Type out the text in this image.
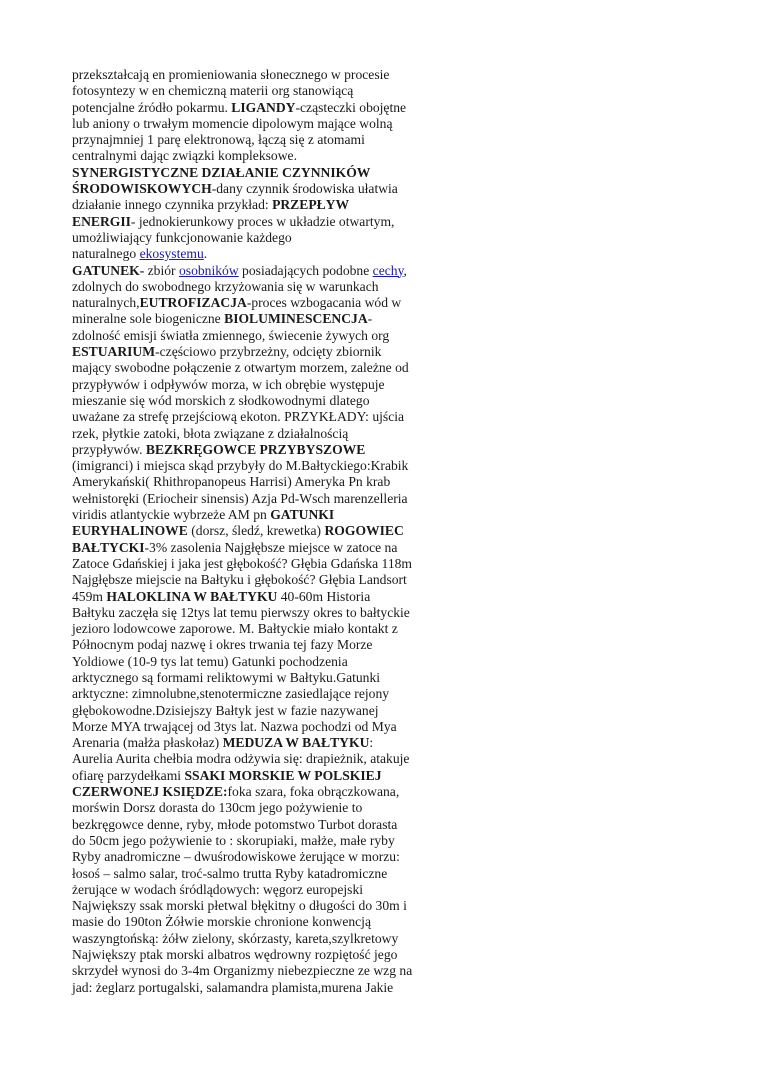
przekształcają en promieniowania słonecznego w procesie
fotosyntezy w en chemiczną materii org stanowiącą
potencjalne źródło pokarmu. LIGANDY-cząsteczki obojętne
lub aniony o trwałym momencie dipolowym mające wolną
przynajmniej 1 parę elektronową, łączą się z atomami
centralnymi dając związki kompleksowe.
SYNERGISTYCZNE DZIAŁANIE CZYNNIKÓW
ŚRODOWISKOWYCH-dany czynnik środowiska ułatwia
działanie innego czynnika przykład: PRZEPŁYW
ENERGII- jednokierunkowy proces w układzie otwartym,
umożliwiający funkcjonowanie każdego
naturalnego ekosystemu.
GATUNEK- zbiór osobników posiadających podobne cechy,
zdolnych do swobodnego krzyżowania się w warunkach
naturalnych,EUTROFIZACJA-proces wzbogacania wód w
mineralne sole biogeniczne BIOLUMINESCENCJA-
zdolność emisji światła zmiennego, świecenie żywych org
ESTUARIUM-częściowo przybrzeżny, odcięty zbiornik
mający swobodne połączenie z otwartym morzem, zależne od
przypływów i odpływów morza, w ich obrębie występuje
mieszanie się wód morskich z słodkowodnymi dlatego
uważane za strefę przejściową ekoton. PRZYKŁADY: ujścia
rzek, płytkie zatoki, błota związane z działalnością
przypływów. BEZKRĘGOWCE PRZYBYSZOWE
(imigranci) i miejsca skąd przybyły do M.Bałtyckiego:Krabik
Amerykański( Rhithropanopeus Harrisi) Ameryka Pn krab
wełnistoręki (Eriocheir sinensis) Azja Pd-Wsch marenzelleria
viridis atlantyckie wybrzeże AM pn GATUNKI
EURYHALINOWE (dorsz, śledź, krewetka) ROGOWIEC
BAŁTYCKI-3% zasolenia Najgłębsze miejsce w zatoce na
Zatoce Gdańskiej i jaka jest głębokość? Głębia Gdańska 118m
Najgłębsze miejscie na Bałtyku i głębokość? Głębia Landsort
459m HALOKLINA W BAŁTYKU 40-60m Historia
Bałtyku zaczęła się 12tys lat temu pierwszy okres to bałtyckie
jezioro lodowcowe zaporowe. M. Bałtyckie miało kontakt z
Północnym podaj nazwę i okres trwania tej fazy Morze
Yoldiowe (10-9 tys lat temu) Gatunki pochodzenia
arktycznego są formami reliktowymi w Bałtyku.Gatunki
arktyczne: zimnolubne,stenotermiczne zasiedlające rejony
głębokowodne.Dzisiejszy Bałtyk jest w fazie nazywanej
Morze MYA trwającej od 3tys lat. Nazwa pochodzi od Mya
Arenaria (małża płaskołaz) MEDUZA W BAŁTYKU:
Aurelia Aurita chełbia modra odżywia się: drapieżnik, atakuje
ofiarę parzydełkami SSAKI MORSKIE W POLSKIEJ
CZERWONEJ KSIĘDZE:foka szara, foka obrączkowana,
morświn Dorsz dorasta do 130cm jego pożywienie to
bezkręgowce denne, ryby, młode potomstwo Turbot dorasta
do 50cm jego pożywienie to : skorupiaki, małże, małe ryby
Ryby anadromiczne – dwuśrodowiskowe żerujące w morzu:
łosoś – salmo salar, troć-salmo trutta Ryby katadromiczne
żerujące w wodach śródlądowych: węgorz europejski
Największy ssak morski płetwal błękitny o długości do 30m i
masie do 190ton Żółwie morskie chronione konwencją
waszyngtońską: żółw zielony, skórzasty, kareta,szylkretowy
Największy ptak morski albatros wędrowny rozpiętość jego
skrzydeł wynosi do 3-4m Organizmy niebezpieczne ze wzg na
jad: żeglarz portugalski, salamandra plamista,murena Jakie
